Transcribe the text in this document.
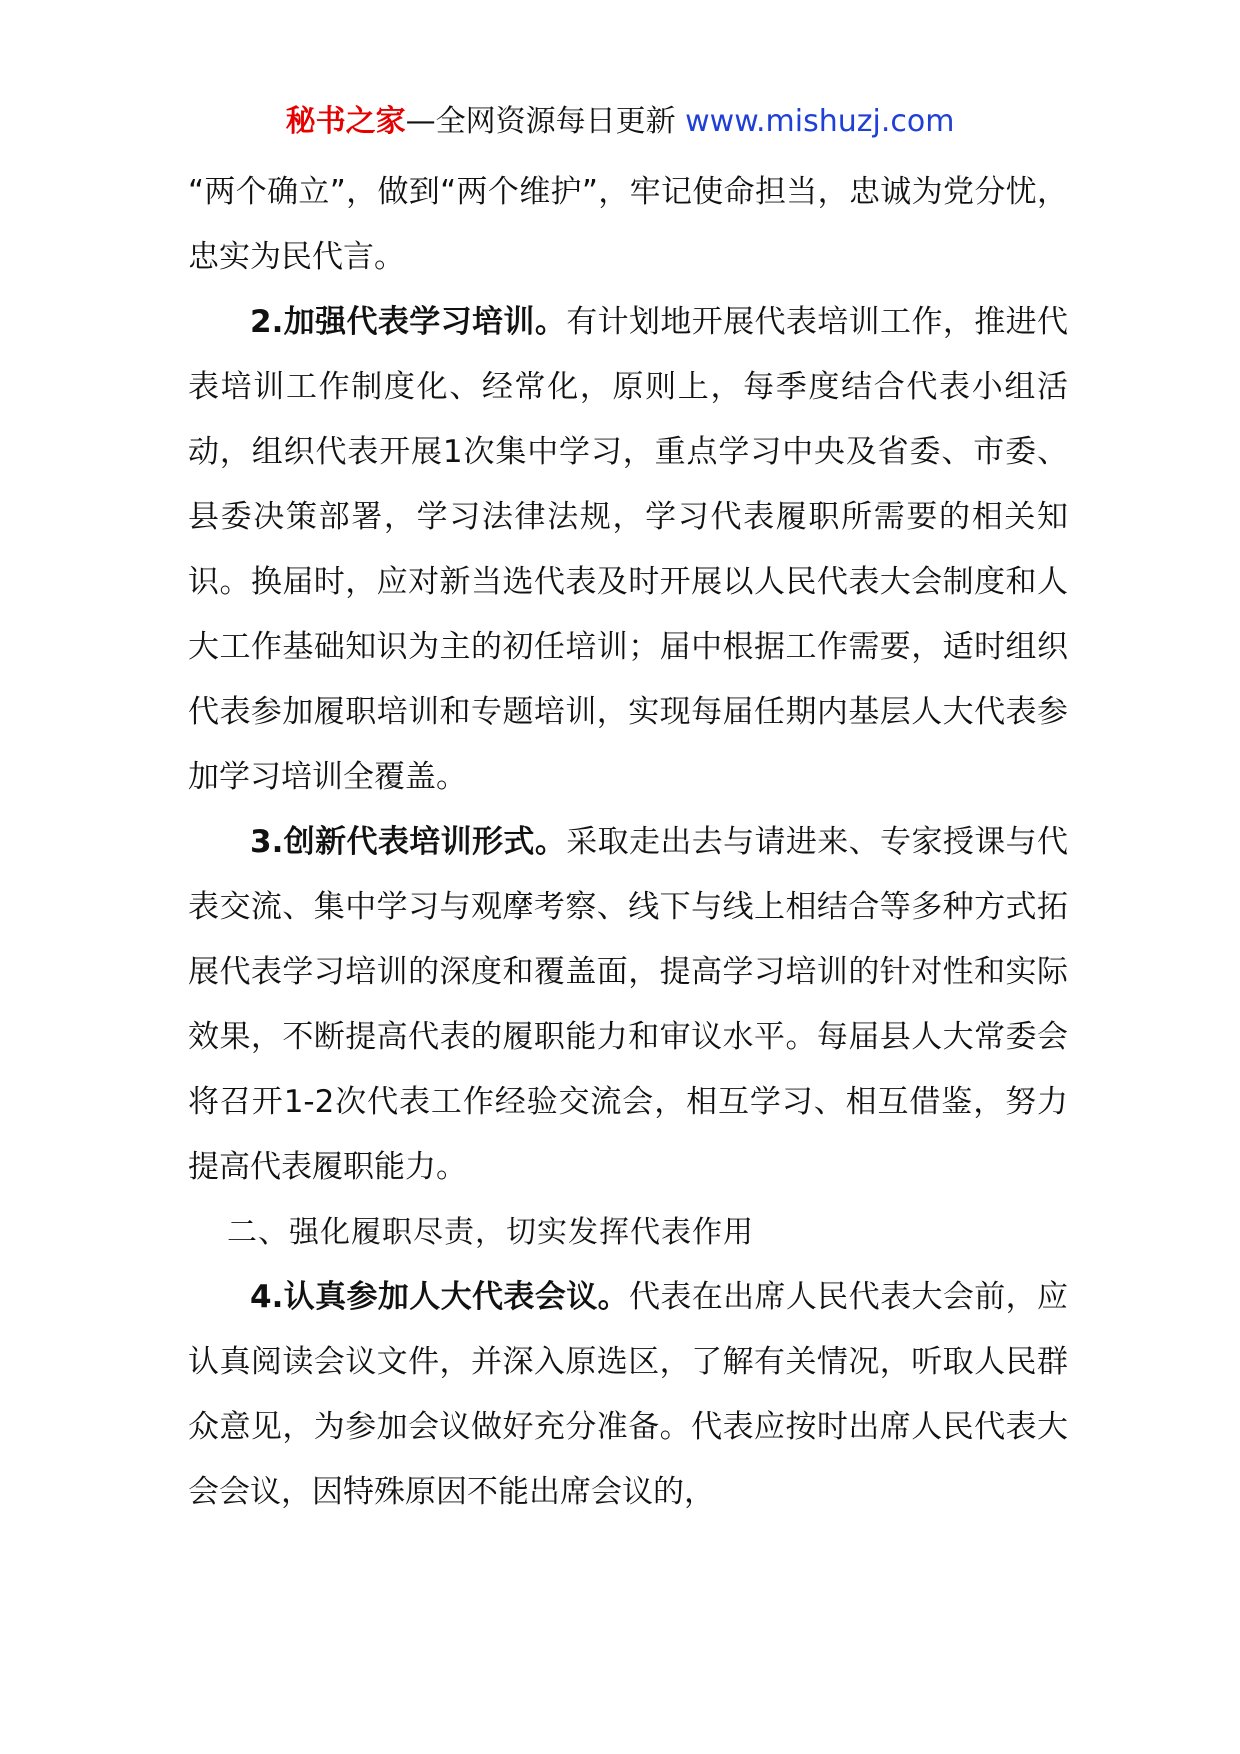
秘书之家—全网资源每日更新 www.mishuzj.com

“两个确立”，做到“两个维护”，牢记使命担当，忠诚为党分忧，忠实为民代言。

2.加强代表学习培训。有计划地开展代表培训工作，推进代表培训工作制度化、经常化，原则上，每季度结合代表小组活动，组织代表开展1次集中学习，重点学习中央及省委、市委、县委决策部署，学习法律法规，学习代表履职所需要的相关知识。换届时，应对新当选代表及时开展以人民代表大会制度和人大工作基础知识为主的初任培训；届中根据工作需要，适时组织代表参加履职培训和专题培训，实现每届任期内基层人大代表参加学习培训全覆盖。

3.创新代表培训形式。采取走出去与请进来、专家授课与代表交流、集中学习与观摩考察、线下与线上相结合等多种方式拓展代表学习培训的深度和覆盖面，提高学习培训的针对性和实际效果，不断提高代表的履职能力和审议水平。每届县人大常委会将召开1-2次代表工作经验交流会，相互学习、相互借鉴，努力提高代表履职能力。

二、强化履职尽责，切实发挥代表作用

4.认真参加人大代表会议。代表在出席人民代表大会前，应认真阅读会议文件，并深入原选区，了解有关情况，听取人民群众意见，为参加会议做好充分准备。代表应按时出席人民代表大会会议，因特殊原因不能出席会议的，
